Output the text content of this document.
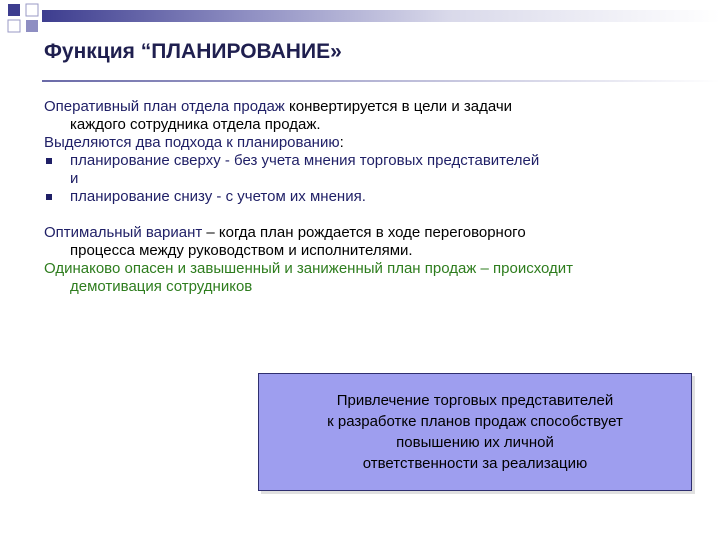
Функция “ПЛАНИРОВАНИЕ»

Оперативный план отдела продаж конвертируется в цели и задачи

каждого сотрудника отдела продаж.

Выделяются два подхода к планированию:

планирование сверху - без учета мнения торговых представителей
и
планирование снизу - с учетом их мнения.

Оптимальный вариант – когда план рождается в ходе переговорного

процесса между руководством и исполнителями.

Одинаково опасен и завышенный и заниженный план продаж – происходит

демотивация сотрудников

Привлечение торговых представителей
к разработке планов продаж способствует
повышению их личной
ответственности за реализацию
